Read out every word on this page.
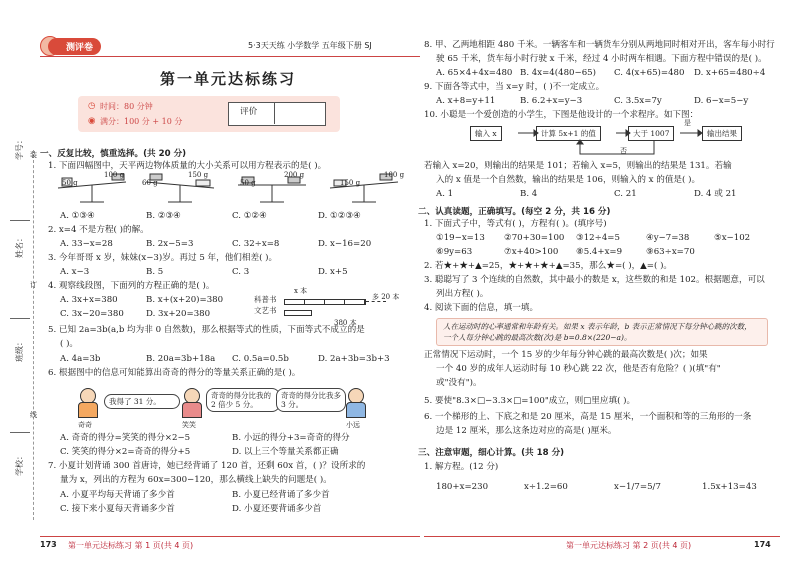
测评卷	5·3天天练 小学数学 五年级下册 SJ
第一单元达标练习
◷ 时间：80 分钟
◉ 满分：100 分 + 10 分
评价
学号：
姓名：
班级：
学校：
装
订
线
一、反复比较，慎重选择。(共 20 分)
1. 下面四幅图中，天平两边物体质量的大小关系可以用方程表示的是( )。
100 g
50 g
150 g
60 g	50 g
200 g
150 g
100 g
A. ①③④	B. ②③④	C. ①②④	D. ①②③④
2. x=4 不是方程( )的解。
A. 33−x=28	B. 2x−5=3	C. 32÷x=8	D. x−16=20
3. 今年哥哥 x 岁，妹妹(x−3)岁。再过 5 年，他们相差( )。
A. x−3	B. 5	C. 3	D. x+5
4. 观察线段图，下面列的方程正确的是( )。
A. 3x+x=380	B. x+(x+20)=380
C. 3x−20=380	D. 3x+20=380
x 本
科普书
文艺书
多 20 本
380 本
5. 已知 2a=3b(a,b 均为非 0 自然数)，那么根据等式的性质，下面等式不成立的是
( )。
A. 4a=3b	B. 20a=3b+18a C. 0.5a=0.5b	D. 2a+3b=3b+3
6. 根据图中的信息可知能算出奇奇的得分的等量关系正确的是( )。
我得了 31 分。
奇奇的得分比我的 2 倍少 5 分。
奇奇的得分比我多 3 分。
奇奇	笑笑	小远
A. 奇奇的得分=笑笑的得分×2−5	B. 小远的得分+3=奇奇的得分
C. 笑笑的得分×2=奇奇的得分+5	D. 以上三个等量关系都正确
7. 小夏计划背诵 300 首唐诗，她已经背诵了 120 首，还剩 60x 首，( )？设所求的
量为 x，列出的方程为 60x=300−120，那么横线上缺失的问题是( )。
A. 小夏平均每天背诵了多少首	B. 小夏已经背诵了多少首
C. 接下来小夏每天背诵多少首	D. 小夏还要背诵多少首
8. 甲、乙两地相距 480 千米。一辆客车和一辆货车分别从两地同时相对开出，客车每小时行
驶 65 千米，货车每小时行驶 x 千米，经过 4 小时两车相遇。下面方程中错误的是( )。
A. 65×4+4x=480 B. 4x=4(480−65) C. 4(x+65)=480 D. x+65=480÷4
9. 下面各等式中，当 x=y 时，( )不一定成立。
A. x+8=y+11	B. 6.2+x=y−3	C. 3.5x=7y	D. 6−x=5−y
10. 小聪是一个爱创造的小学生，下图是他设计的一个求程序。如下图：
输入 x	计算 5x+1 的值	大于 1007	输出结果
是
否
若输入 x=20，则输出的结果是 101；若输入 x=5，则输出的结果是 131。若输
入的 x 值是一个自然数，输出的结果是 106，则输入的 x 的值是( )。
A. 1	B. 4	C. 21	D. 4 或 21
二、认真读题，正确填写。(每空 2 分，共 16 分)
1. 下面式子中，等式有( )，方程有( )。(填序号)
①19−x=13 ②70+30=100 ③12÷4=5	④y−7=38	⑤x−102
⑥9y=63	⑦x+40>100 ⑧5.4+x=9	⑨63÷x=70
2. 若★+★+▲=25，★+★+★+▲=35，那么★=( )，▲=( )。
3. 聪聪写了 3 个连续的自然数，其中最小的数是 x，这些数的和是 102。根据题意，可以
列出方程( )。
4. 阅读下面的信息，填一填。
人在运动时的心率通常和年龄有关。如果 x 表示年龄，b 表示正常情况下每分钟心跳的次数，
一个人每分钟心跳的最高次数(次)是 b=0.8×(220−a)。
正常情况下运动时，一个 15 岁的少年每分钟心跳的最高次数是( )次；如果
一个 40 岁的成年人运动时每 10 秒心跳 22 次，他是否有危险？( )(填"有"
或"没有")。
5. 要使"8.3×□−3.3×□=100"成立，则□里应填( )。
6. 一个梯形的上、下底之和是 20 厘米，高是 15 厘米，一个面积和等的三角形的一条
边是 12 厘米，那么这条边对应的高是( )厘米。
三、注意审题，细心计算。(共 18 分)
1. 解方程。(12 分)
180+x=230	x÷1.2=60	x−1/7=5/7	1.5x+13=43
173 第一单元达标练习 第 1 页(共 4 页)	第一单元达标练习 第 2 页(共 4 页)	174
